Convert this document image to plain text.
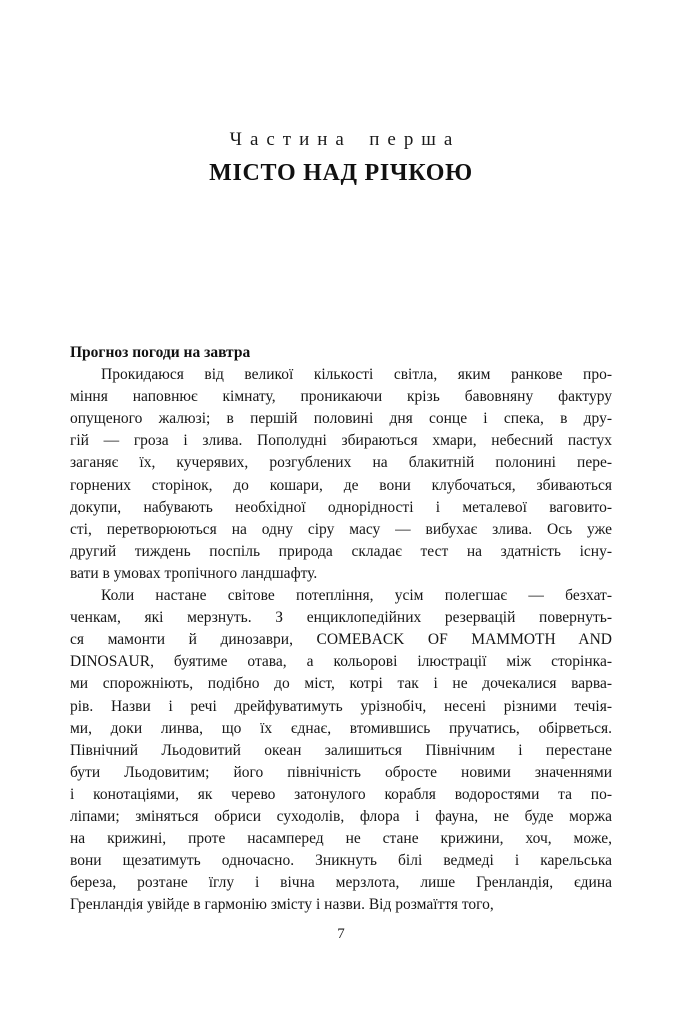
Частина перша
МІСТО НАД РІЧКОЮ
Прогноз погоди на завтра
Прокидаюся від великої кількості світла, яким ранкове про-
міння наповнює кімнату, проникаючи крізь бавовняну фактуру
опущеного жалюзі; в першій половині дня сонце і спека, в дру-
гій — гроза і злива. Пополудні збираються хмари, небесний пастух
заганяє їх, кучерявих, розгублених на блакитній полонині пере-
горнених сторінок, до кошари, де вони клубочаться, збиваються
докупи, набувають необхідної однорідності і металевої ваговито-
сті, перетворюються на одну сіру масу — вибухає злива. Ось уже
другий тиждень поспіль природа складає тест на здатність існу-
вати в умовах тропічного ландшафту.
Коли настане світове потепління, усім полегшає — безхат-
ченкам, які мерзнуть. З енциклопедійних резервацій повернуть-
ся мамонти й динозаври, COMEBACK OF MAMMOTH AND
DINOSAUR, буятиме отава, а кольорові ілюстрації між сторінка-
ми спорожніють, подібно до міст, котрі так і не дочекалися варва-
рів. Назви і речі дрейфуватимуть урізнобіч, несені різними течія-
ми, доки линва, що їх єднає, втомившись пручатись, обірветься.
Північний Льодовитий океан залишиться Північним і перестане
бути Льодовитим; його північність обросте новими значеннями
і конотаціями, як черево затонулого корабля водоростями та по-
ліпами; зміняться обриси суходолів, флора і фауна, не буде моржа
на крижині, проте насамперед не стане крижини, хоч, може,
вони щезатимуть одночасно. Зникнуть білі ведмеді і карельська
береза, розтане їглу і вічна мерзлота, лише Гренландія, єдина
Гренландія увійде в гармонію змісту і назви. Від розмаїття того,
7
